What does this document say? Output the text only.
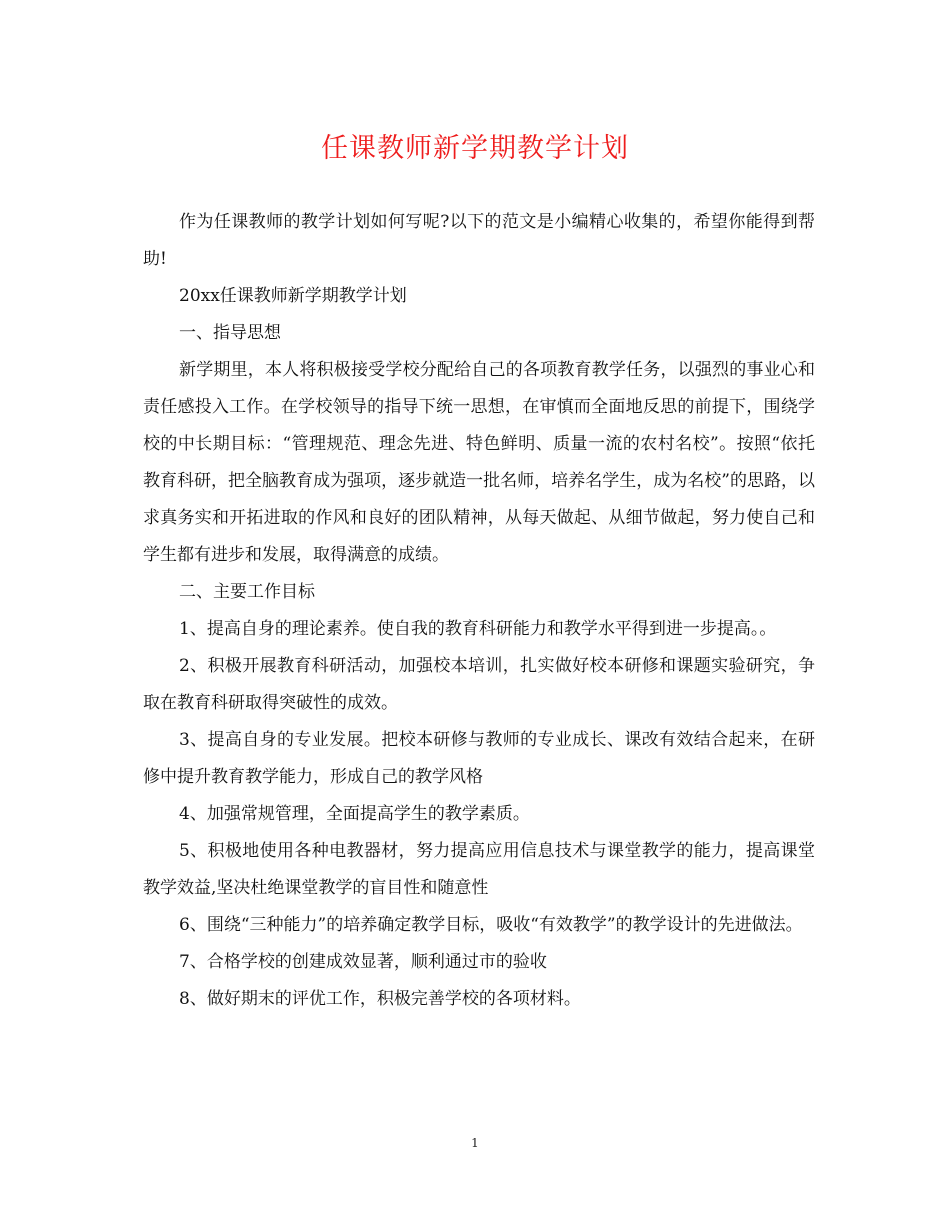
任课教师新学期教学计划

作为任课教师的教学计划如何写呢?以下的范文是小编精心收集的，希望你能得到帮助!

20xx任课教师新学期教学计划

一、指导思想

新学期里，本人将积极接受学校分配给自己的各项教育教学任务，以强烈的事业心和责任感投入工作。在学校领导的指导下统一思想，在审慎而全面地反思的前提下，围绕学校的中长期目标：“管理规范、理念先进、特色鲜明、质量一流的农村名校”。按照“依托教育科研，把全脑教育成为强项，逐步就造一批名师，培养名学生，成为名校”的思路，以求真务实和开拓进取的作风和良好的团队精神，从每天做起、从细节做起，努力使自己和学生都有进步和发展，取得满意的成绩。

二、主要工作目标

1、提高自身的理论素养。使自我的教育科研能力和教学水平得到进一步提高。。

2、积极开展教育科研活动，加强校本培训，扎实做好校本研修和课题实验研究，争取在教育科研取得突破性的成效。

3、提高自身的专业发展。把校本研修与教师的专业成长、课改有效结合起来，在研修中提升教育教学能力，形成自己的教学风格

4、加强常规管理，全面提高学生的教学素质。

5、积极地使用各种电教器材，努力提高应用信息技术与课堂教学的能力，提高课堂教学效益,坚决杜绝课堂教学的盲目性和随意性

6、围绕“三种能力”的培养确定教学目标，吸收“有效教学”的教学设计的先进做法。

7、合格学校的创建成效显著，顺利通过市的验收

8、做好期末的评优工作，积极完善学校的各项材料。

1
